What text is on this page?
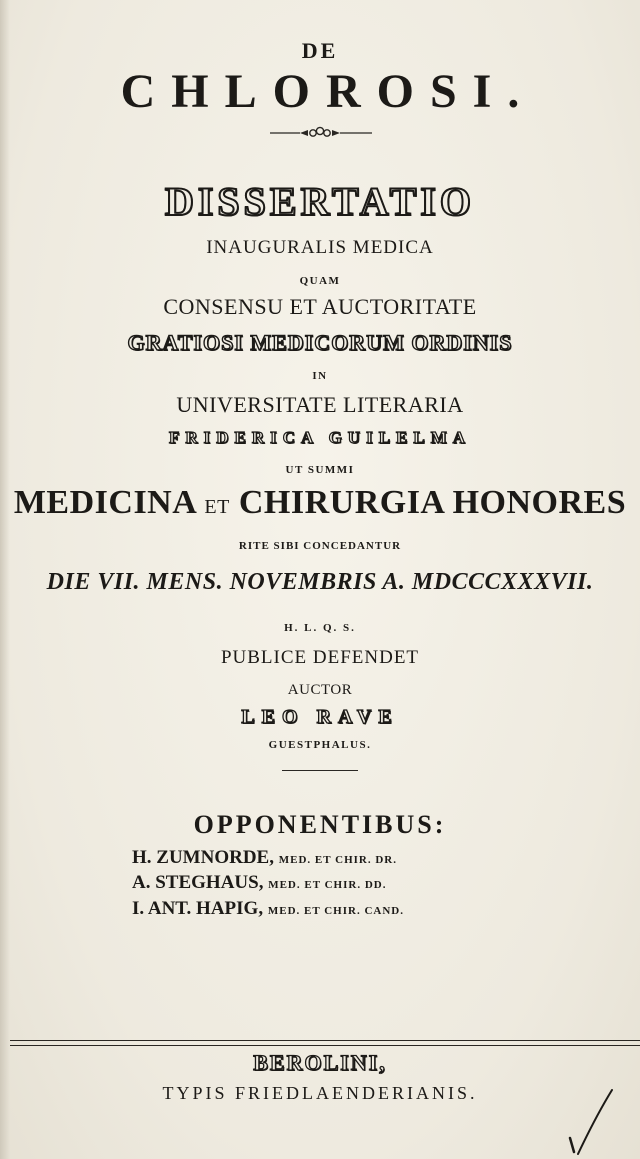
DE
CHLOROSI.
DISSERTATIO
INAUGURALIS MEDICA
QUAM
CONSENSU ET AUCTORITATE
GRATIOSI MEDICORUM ORDINIS
IN
UNIVERSITATE LITERARIA
FRIDERICA GUILELMA
UT SUMMI
MEDICINA ET CHIRURGIA HONORES
RITE SIBI CONCEDANTUR
DIE VII. MENS. NOVEMBRIS A. MDCCCXXXVII.
H. L. Q. S.
PUBLICE DEFENDET
AUCTOR
LEO RAVE
GUESTPHALUS.
OPPONENTIBUS:
H. ZUMNORDE, MED. ET CHIR. DR.
A. STEGHAUS, MED. ET CHIR. DD.
I. ANT. HAPIG, MED. ET CHIR. CAND.
BEROLINI,
TYPIS FRIEDLAENDERIANIS.
